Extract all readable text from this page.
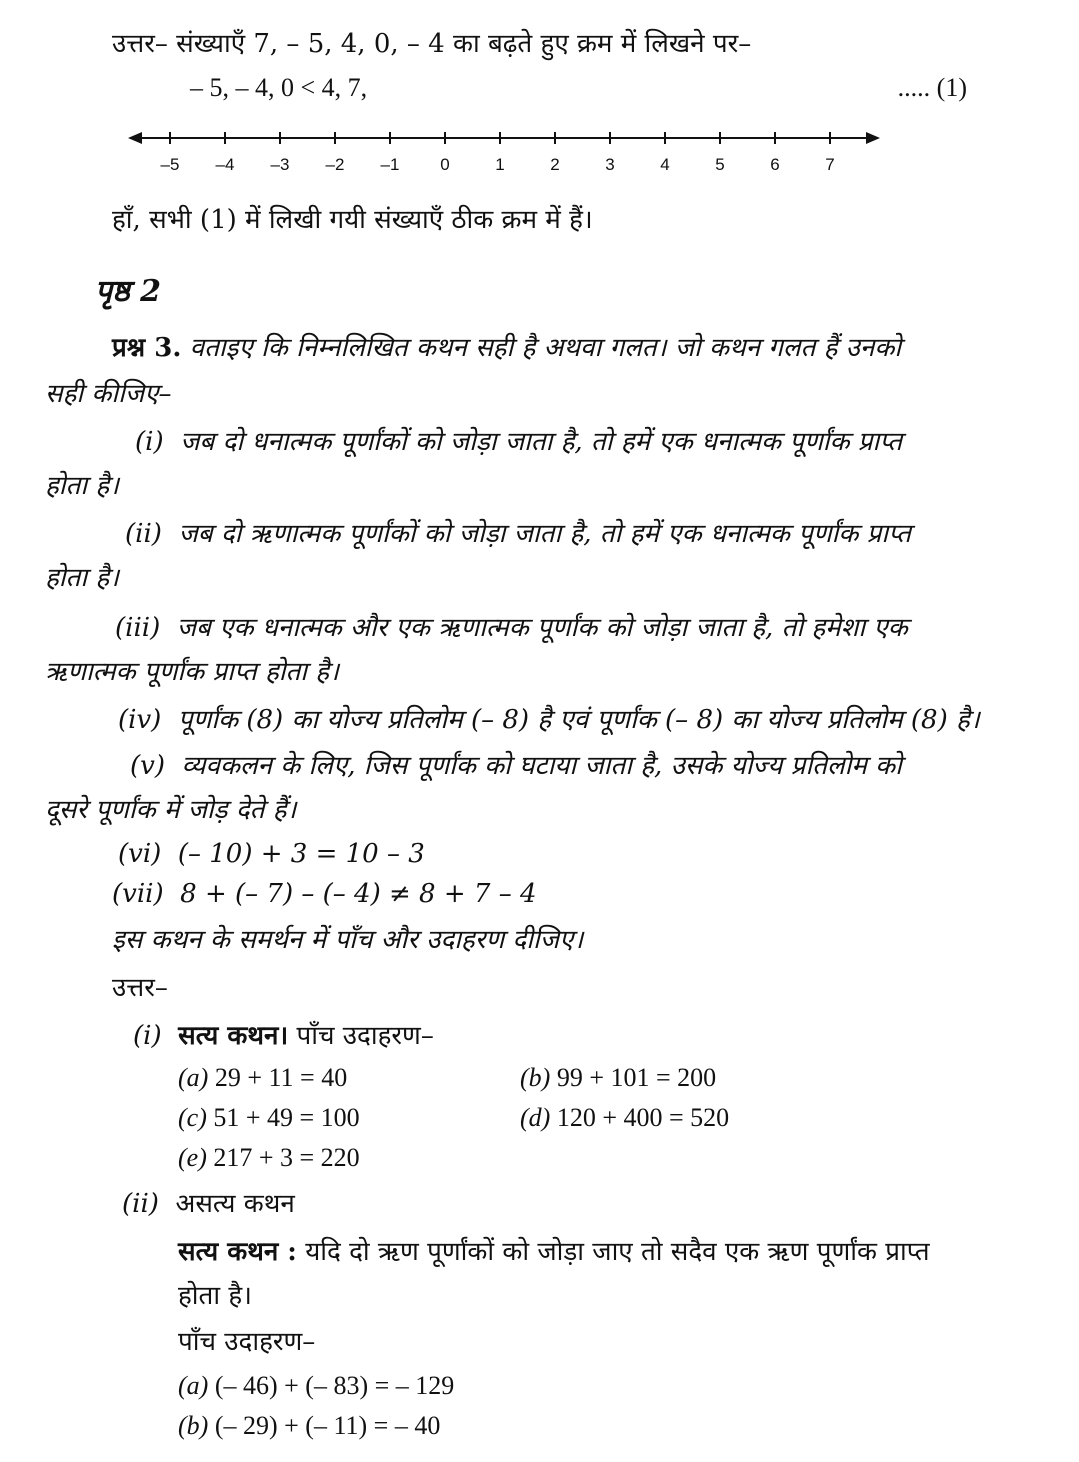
उत्तर– संख्याएँ 7, – 5, 4, 0, – 4 का बढ़ते हुए क्रम में लिखने पर–
– 5, – 4, 0 < 4, 7,	..... (1)
–5 –4 –3 –2 –1 0	1	2	3	4	5	6	7
हाँ, सभी (1) में लिखी गयी संख्याएँ ठीक क्रम में हैं।
पृष्ठ 2
प्रश्न 3. वताइए कि निम्नलिखित कथन सही है अथवा गलत। जो कथन गलत हैं उनको
सही कीजिए–
(i) जब दो धनात्मक पूर्णांकों को जोड़ा जाता है, तो हमें एक धनात्मक पूर्णांक प्राप्त
होता है।
(ii) जब दो ऋणात्मक पूर्णांकों को जोड़ा जाता है, तो हमें एक धनात्मक पूर्णांक प्राप्त
होता है।
(iii) जब एक धनात्मक और एक ऋणात्मक पूर्णांक को जोड़ा जाता है, तो हमेशा एक
ऋणात्मक पूर्णांक प्राप्त होता है।
(iv) पूर्णांक (8) का योज्य प्रतिलोम (– 8) है एवं पूर्णांक (– 8) का योज्य प्रतिलोम (8) है।
(v) व्यवकलन के लिए, जिस पूर्णांक को घटाया जाता है, उसके योज्य प्रतिलोम को
दूसरे पूर्णांक में जोड़ देते हैं।
(vi) (– 10) + 3 = 10 – 3
(vii) 8 + (– 7) – (– 4) ≠ 8 + 7 – 4
इस कथन के समर्थन में पाँच और उदाहरण दीजिए।
उत्तर–
(i) सत्य कथन। पाँच उदाहरण–
(a) 29 + 11 = 40	(b) 99 + 101 = 200
(c) 51 + 49 = 100	(d) 120 + 400 = 520
(e) 217 + 3 = 220
(ii) असत्य कथन
सत्य कथन : यदि दो ऋण पूर्णांकों को जोड़ा जाए तो सदैव एक ऋण पूर्णांक प्राप्त
होता है।
पाँच उदाहरण–
(a) (– 46) + (– 83) = – 129
(b) (– 29) + (– 11) = – 40
